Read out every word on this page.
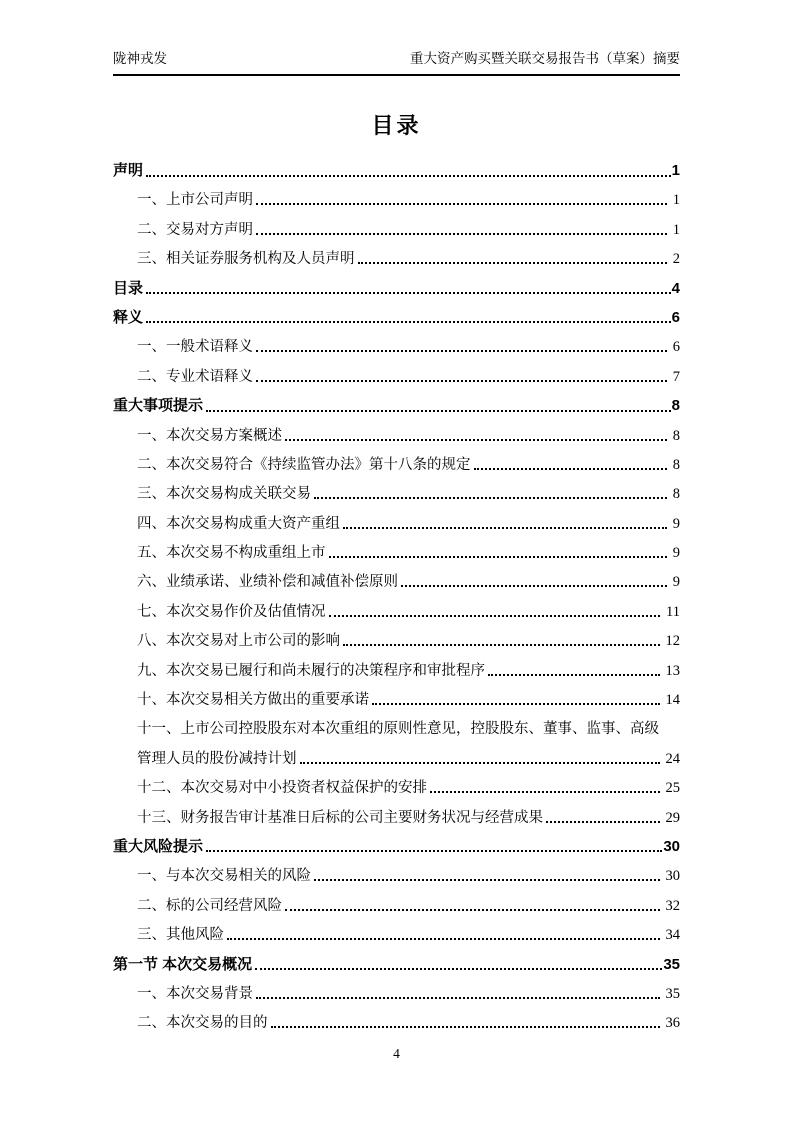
陇神戎发	重大资产购买暨关联交易报告书（草案）摘要
目录
声明	1
一、上市公司声明	1
二、交易对方声明	1
三、相关证券服务机构及人员声明	2
目录	4
释义	6
一、一般术语释义	6
二、专业术语释义	7
重大事项提示	8
一、本次交易方案概述	8
二、本次交易符合《持续监管办法》第十八条的规定	8
三、本次交易构成关联交易	8
四、本次交易构成重大资产重组	9
五、本次交易不构成重组上市	9
六、业绩承诺、业绩补偿和减值补偿原则	9
七、本次交易作价及估值情况	11
八、本次交易对上市公司的影响	12
九、本次交易已履行和尚未履行的决策程序和审批程序	13
十、本次交易相关方做出的重要承诺	14
十一、上市公司控股股东对本次重组的原则性意见，控股股东、董事、监事、高级
管理人员的股份减持计划	24
十二、本次交易对中小投资者权益保护的安排	25
十三、财务报告审计基准日后标的公司主要财务状况与经营成果	29
重大风险提示	30
一、与本次交易相关的风险	30
二、标的公司经营风险	32
三、其他风险	34
第一节 本次交易概况	35
一、本次交易背景	35
二、本次交易的目的	36
4
